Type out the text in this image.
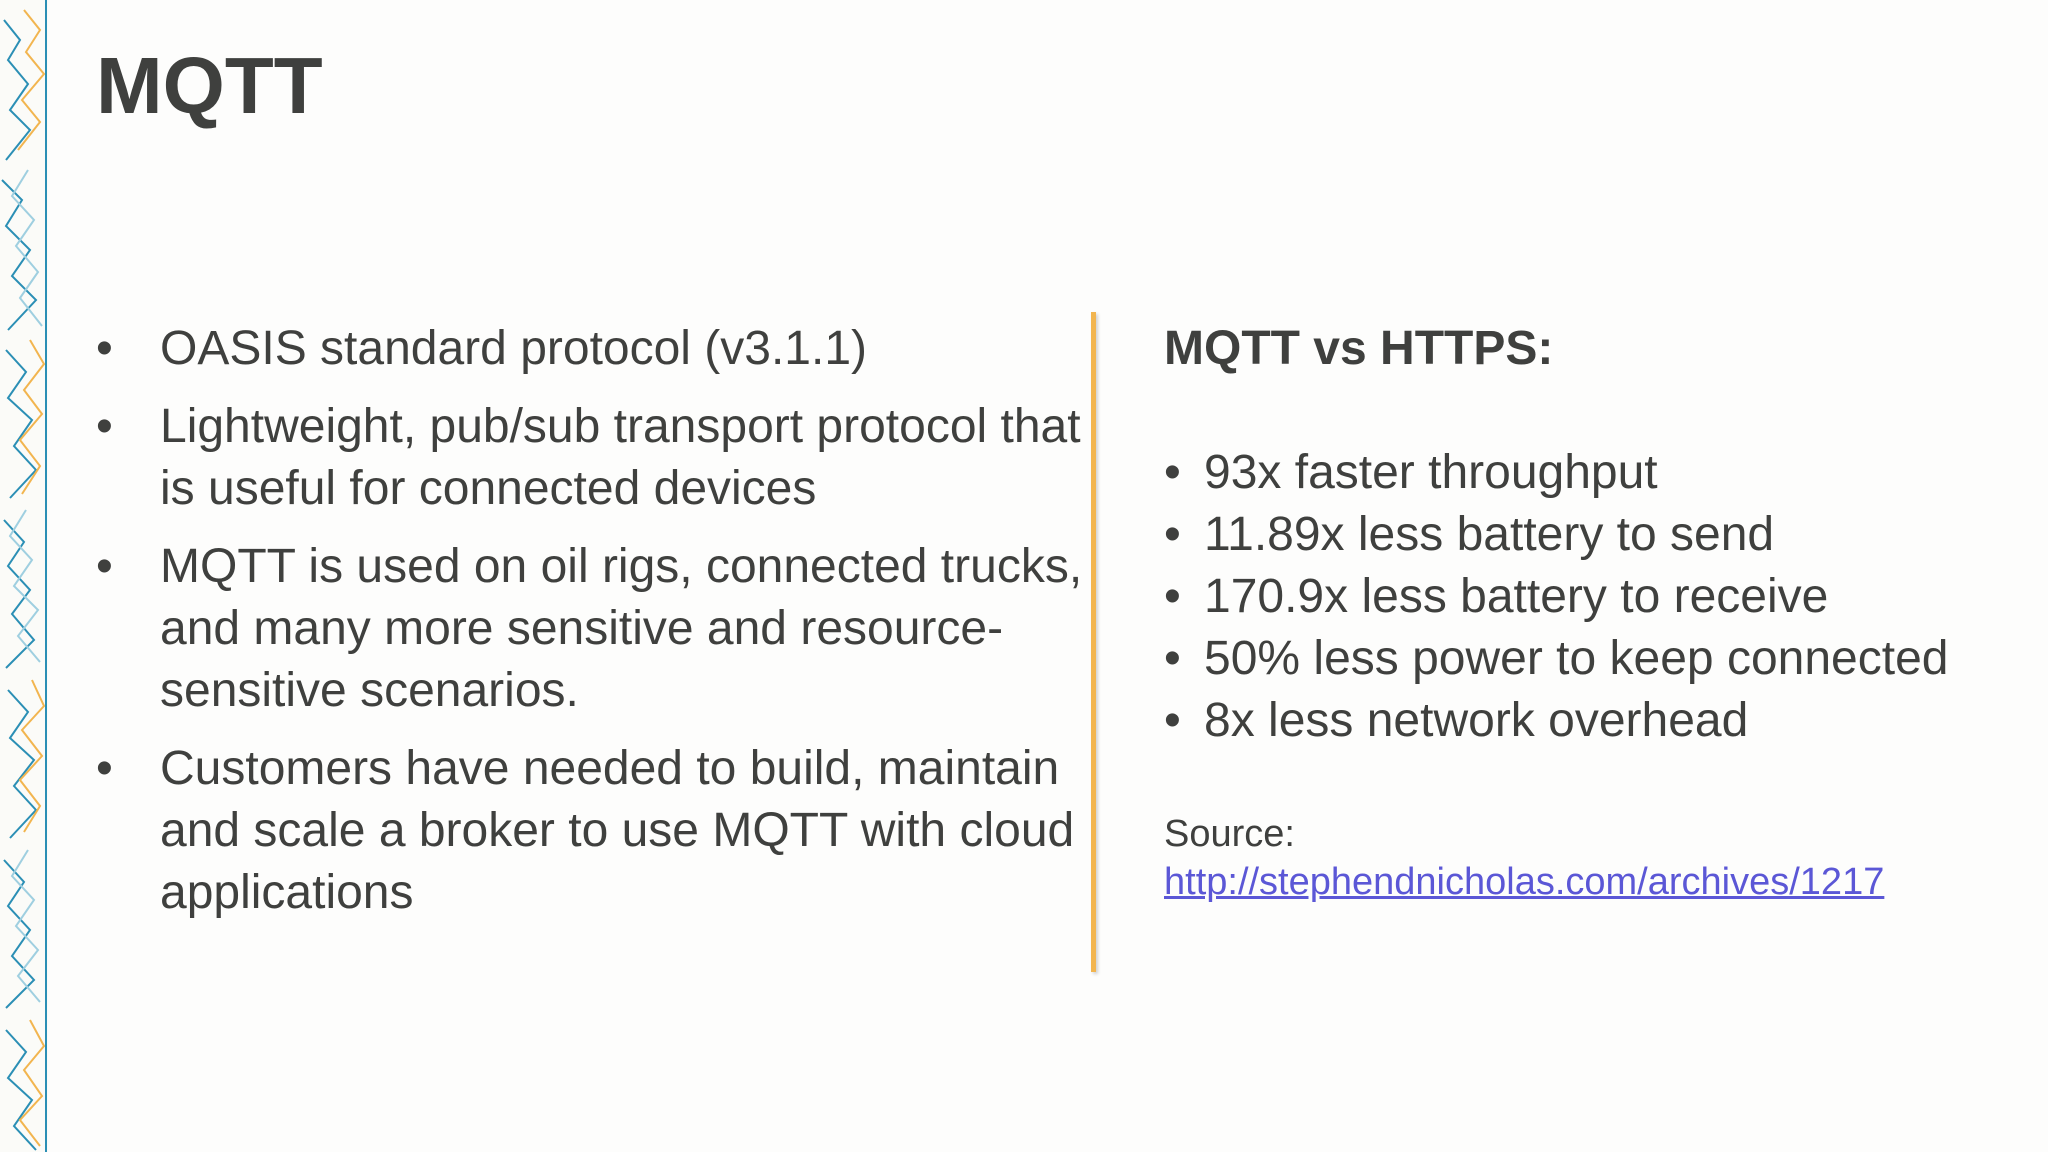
MQTT
• OASIS standard protocol (v3.1.1)
• Lightweight, pub/sub transport protocol that is useful for connected devices
• MQTT is used on oil rigs, connected trucks, and many more sensitive and resource-sensitive scenarios.
• Customers have needed to build, maintain and scale a broker to use MQTT with cloud applications
MQTT vs HTTPS:
• 93x faster throughput
• 11.89x less battery to send
• 170.9x less battery to receive
• 50% less power to keep connected
• 8x less network overhead
Source:
http://stephendnicholas.com/archives/1217
